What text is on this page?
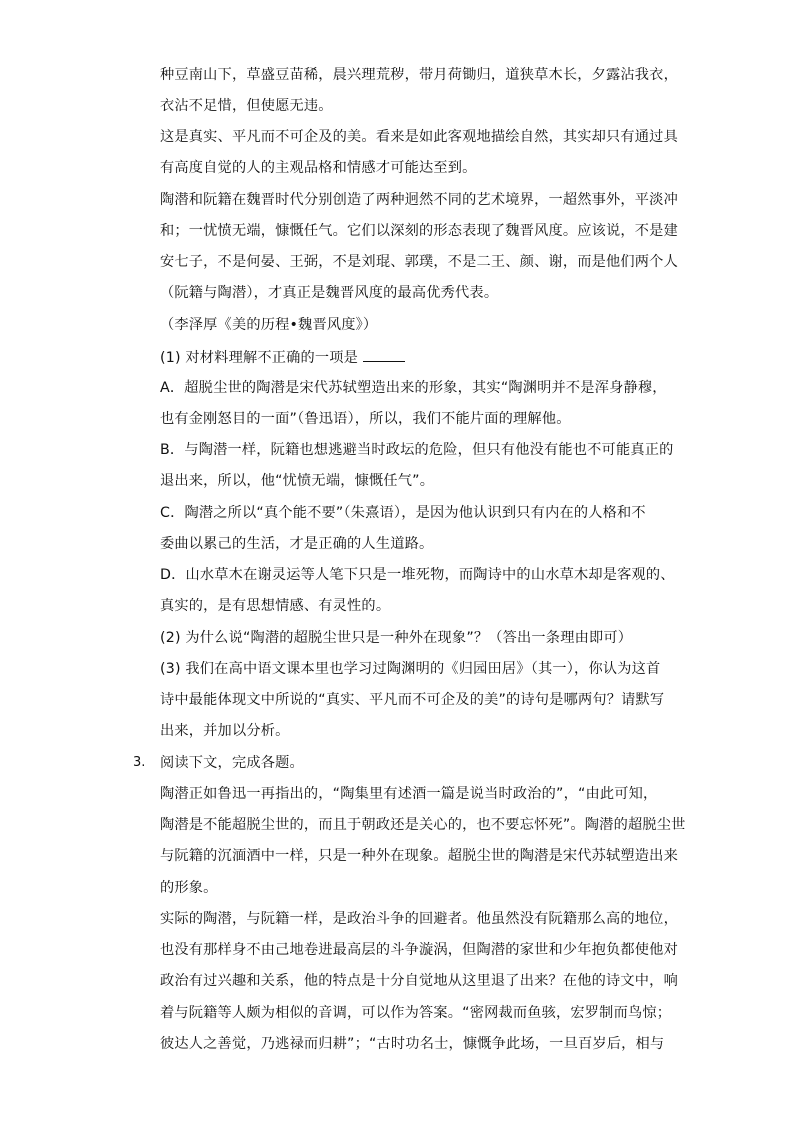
种豆南山下，草盛豆苗稀，晨兴理荒秽，带月荷锄归，道狭草木长，夕露沾我衣，
衣沾不足惜，但使愿无违。
这是真实、平凡而不可企及的美。看来是如此客观地描绘自然，其实却只有通过具
有高度自觉的人的主观品格和情感才可能达至到。
陶潜和阮籍在魏晋时代分别创造了两种迥然不同的艺术境界，一超然事外，平淡冲
和；一忧愤无端，慷慨任气。它们以深刻的形态表现了魏晋风度。应该说，不是建
安七子，不是何晏、王弼，不是刘琨、郭璞，不是二王、颜、谢，而是他们两个人
（阮籍与陶潜），才真正是魏晋风度的最高优秀代表。
（李泽厚《美的历程•魏晋风度》）
(1) 对材料理解不正确的一项是
A．超脱尘世的陶潜是宋代苏轼塑造出来的形象，其实“陶渊明并不是浑身静穆，
也有金刚怒目的一面”（鲁迅语），所以，我们不能片面的理解他。
B．与陶潜一样，阮籍也想逃避当时政坛的危险，但只有他没有能也不可能真正的
退出来，所以，他“忧愤无端，慷慨任气”。
C．陶潜之所以“真个能不要”（朱熹语），是因为他认识到只有内在的人格和不
委曲以累己的生活，才是正确的人生道路。
D．山水草木在谢灵运等人笔下只是一堆死物，而陶诗中的山水草木却是客观的、
真实的，是有思想情感、有灵性的。
(2) 为什么说“陶潜的超脱尘世只是一种外在现象”？（答出一条理由即可）
(3) 我们在高中语文课本里也学习过陶渊明的《归园田居》（其一），你认为这首
诗中最能体现文中所说的“真实、平凡而不可企及的美”的诗句是哪两句？请默写
出来，并加以分析。
3. 阅读下文，完成各题。
陶潜正如鲁迅一再指出的，“陶集里有述酒一篇是说当时政治的”，“由此可知，
陶潜是不能超脱尘世的，而且于朝政还是关心的，也不要忘怀死”。陶潜的超脱尘世
与阮籍的沉湎酒中一样，只是一种外在现象。超脱尘世的陶潜是宋代苏轼塑造出来
的形象。
实际的陶潜，与阮籍一样，是政治斗争的回避者。他虽然没有阮籍那么高的地位，
也没有那样身不由己地卷进最高层的斗争漩涡，但陶潜的家世和少年抱负都使他对
政治有过兴趣和关系，他的特点是十分自觉地从这里退了出来？在他的诗文中，响
着与阮籍等人颇为相似的音调，可以作为答案。“密网裁而鱼骇，宏罗制而鸟惊；
彼达人之善觉，乃逃禄而归耕”；“古时功名士，慷慨争此场，一旦百岁后，相与
